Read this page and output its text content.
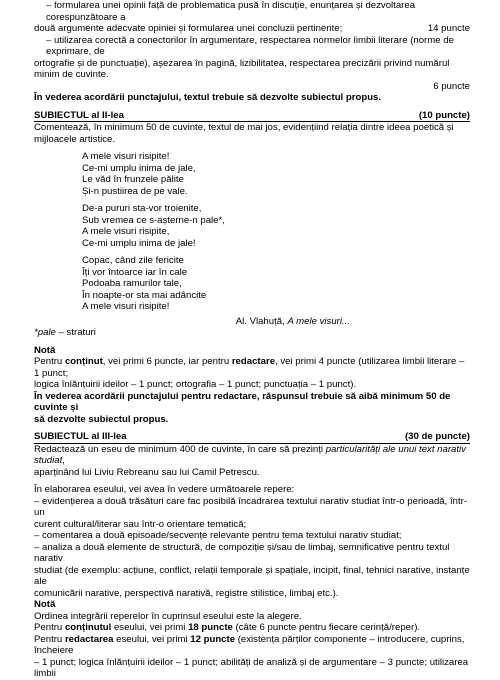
– formularea unei opinii față de problematica pusă în discuție, enunțarea și dezvoltarea corespunzătoare a

două argumente adecvate opiniei și formularea unei concluzii pertinente;	14 puncte

– utilizarea corectă a conectorilor în argumentare, respectarea normelor limbii literare (norme de exprimare, de

ortografie și de punctuație), așezarea în pagină, lizibilitatea, respectarea precizării privind numărul minim de cuvinte.

6 puncte

În vederea acordării punctajului, textul trebuie să dezvolte subiectul propus.

SUBIECTUL al II-lea	(10 puncte)

Comentează, în minimum 50 de cuvinte, textul de mai jos, evidențiind relația dintre ideea poetică și mijloacele artistice.

A mele visuri risipite!

Ce-mi umplu inima de jale,

Le văd în frunzele pălite

Și-n pustiirea de pe vale.

De-a pururi sta-vor troienite,

Sub vremea ce s-așterne-n pale*,

A mele visuri risipite,

Ce-mi umplu inima de jale!

Copac, când zile fericite

Îți vor întoarce iar în cale

Podoaba ramurilor tale,

În noapte-or sta mai adâncite

A mele visuri risipite!

Al. Vlahuță, A mele visuri...

*pale – straturi

Notă

Pentru conținut, vei primi 6 puncte, iar pentru redactare, vei primi 4 puncte (utilizarea limbii literare – 1 punct;

logica înlănțuirii ideilor – 1 punct; ortografia – 1 punct; punctuația – 1 punct).

În vederea acordării punctajului pentru redactare, răspunsul trebuie să aibă minimum 50 de cuvinte și

să dezvolte subiectul propus.

SUBIECTUL al III-lea	(30 de puncte)

Redactează un eseu de minimum 400 de cuvinte, în care să prezinți particularități ale unui text narativ studiat,

aparținând lui Liviu Rebreanu sau lui Camil Petrescu.

În elaborarea eseului, vei avea în vedere următoarele repere:

– evidențierea a două trăsături care fac posibilă încadrarea textului narativ studiat într-o perioadă, într-un

curent cultural/literar sau într-o orientare tematică;

– comentarea a două episoade/secvențe relevante pentru tema textului narativ studiat;

– analiza a două elemente de structură, de compoziție și/sau de limbaj, semnificative pentru textul narativ

studiat (de exemplu: acțiune, conflict, relații temporale și spațiale, incipit, final, tehnici narative, instanțe ale

comunicării narative, perspectivă narativă, registre stilistice, limbaj etc.).

Notă

Ordinea integrării reperelor în cuprinsul eseului este la alegere.

Pentru conținutul eseului, vei primi 18 puncte (câte 6 puncte pentru fiecare cerință/reper).

Pentru redactarea eseului, vei primi 12 puncte (existența părților componente – introducere, cuprins, încheiere

– 1 punct; logica înlănțuirii ideilor – 1 punct; abilități de analiză și de argumentare – 3 puncte; utilizarea limbii
